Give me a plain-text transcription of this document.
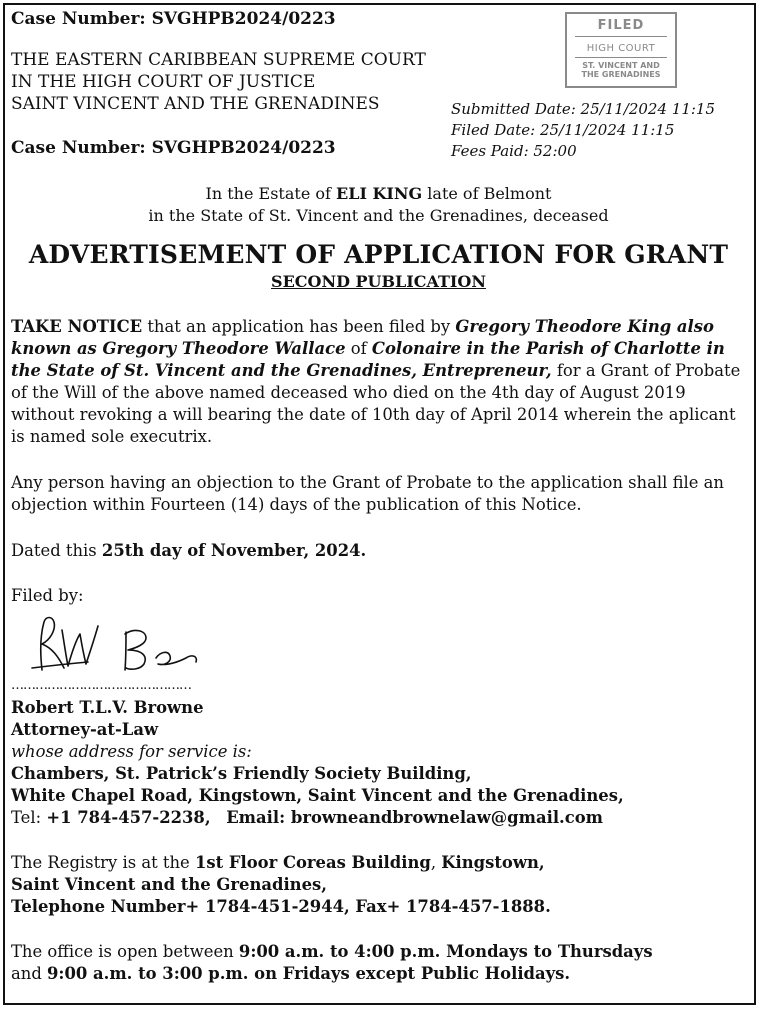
Case Number: SVGHPB2024/0223
THE EASTERN CARIBBEAN SUPREME COURT
IN THE HIGH COURT OF JUSTICE
SAINT VINCENT AND THE GRENADINES
Case Number: SVGHPB2024/0223
Submitted Date: 25/11/2024 11:15
Filed Date: 25/11/2024 11:15
Fees Paid: 52:00
FILED
HIGH COURT
ST. VINCENT AND
THE GRENADINES
In the Estate of ELI KING late of Belmont
in the State of St. Vincent and the Grenadines, deceased
ADVERTISEMENT OF APPLICATION FOR GRANT
SECOND PUBLICATION
TAKE NOTICE that an application has been filed by Gregory Theodore King also known as Gregory Theodore Wallace of Colonaire in the Parish of Charlotte in the State of St. Vincent and the Grenadines, Entrepreneur, for a Grant of Probate of the Will of the above named deceased who died on the 4th day of August 2019 without revoking a will bearing the date of 10th day of April 2014 wherein the aplicant is named sole executrix.
Any person having an objection to the Grant of Probate to the application shall file an objection within Fourteen (14) days of the publication of this Notice.
Dated this 25th day of November, 2024.
Filed by:
………………………………………
Robert T.L.V. Browne
Attorney-at-Law
whose address for service is:
Chambers, St. Patrick’s Friendly Society Building,
White Chapel Road, Kingstown, Saint Vincent and the Grenadines,
Tel: +1 784-457-2238, Email: browneandbrownelaw@gmail.com
The Registry is at the 1st Floor Coreas Building, Kingstown,
Saint Vincent and the Grenadines,
Telephone Number+ 1784-451-2944, Fax+ 1784-457-1888.
The office is open between 9:00 a.m. to 4:00 p.m. Mondays to Thursdays
and 9:00 a.m. to 3:00 p.m. on Fridays except Public Holidays.
